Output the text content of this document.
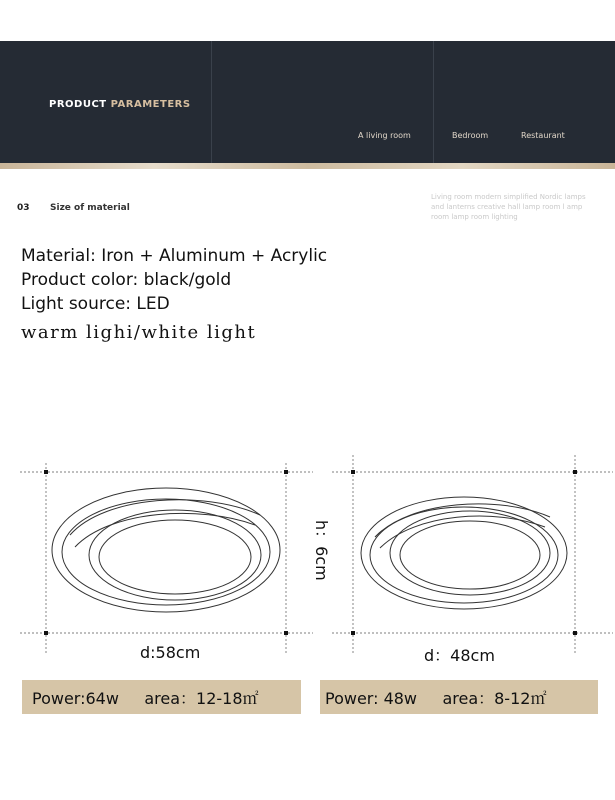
PRODUCT PARAMETERS
A living room	Bedroom	Restaurant
03 Size of material
Living room modern simplified Nordic lamps and lanterns creative hall lamp room l amp room lamp room lighting
Material: Iron + Aluminum + Acrylic
Product color: black/gold
Light source: LED
warm lighi/white light
h：6cm
d:58cm	d：48cm
Power:64w     area：12-18㎡	Power: 48w     area：8-12㎡
